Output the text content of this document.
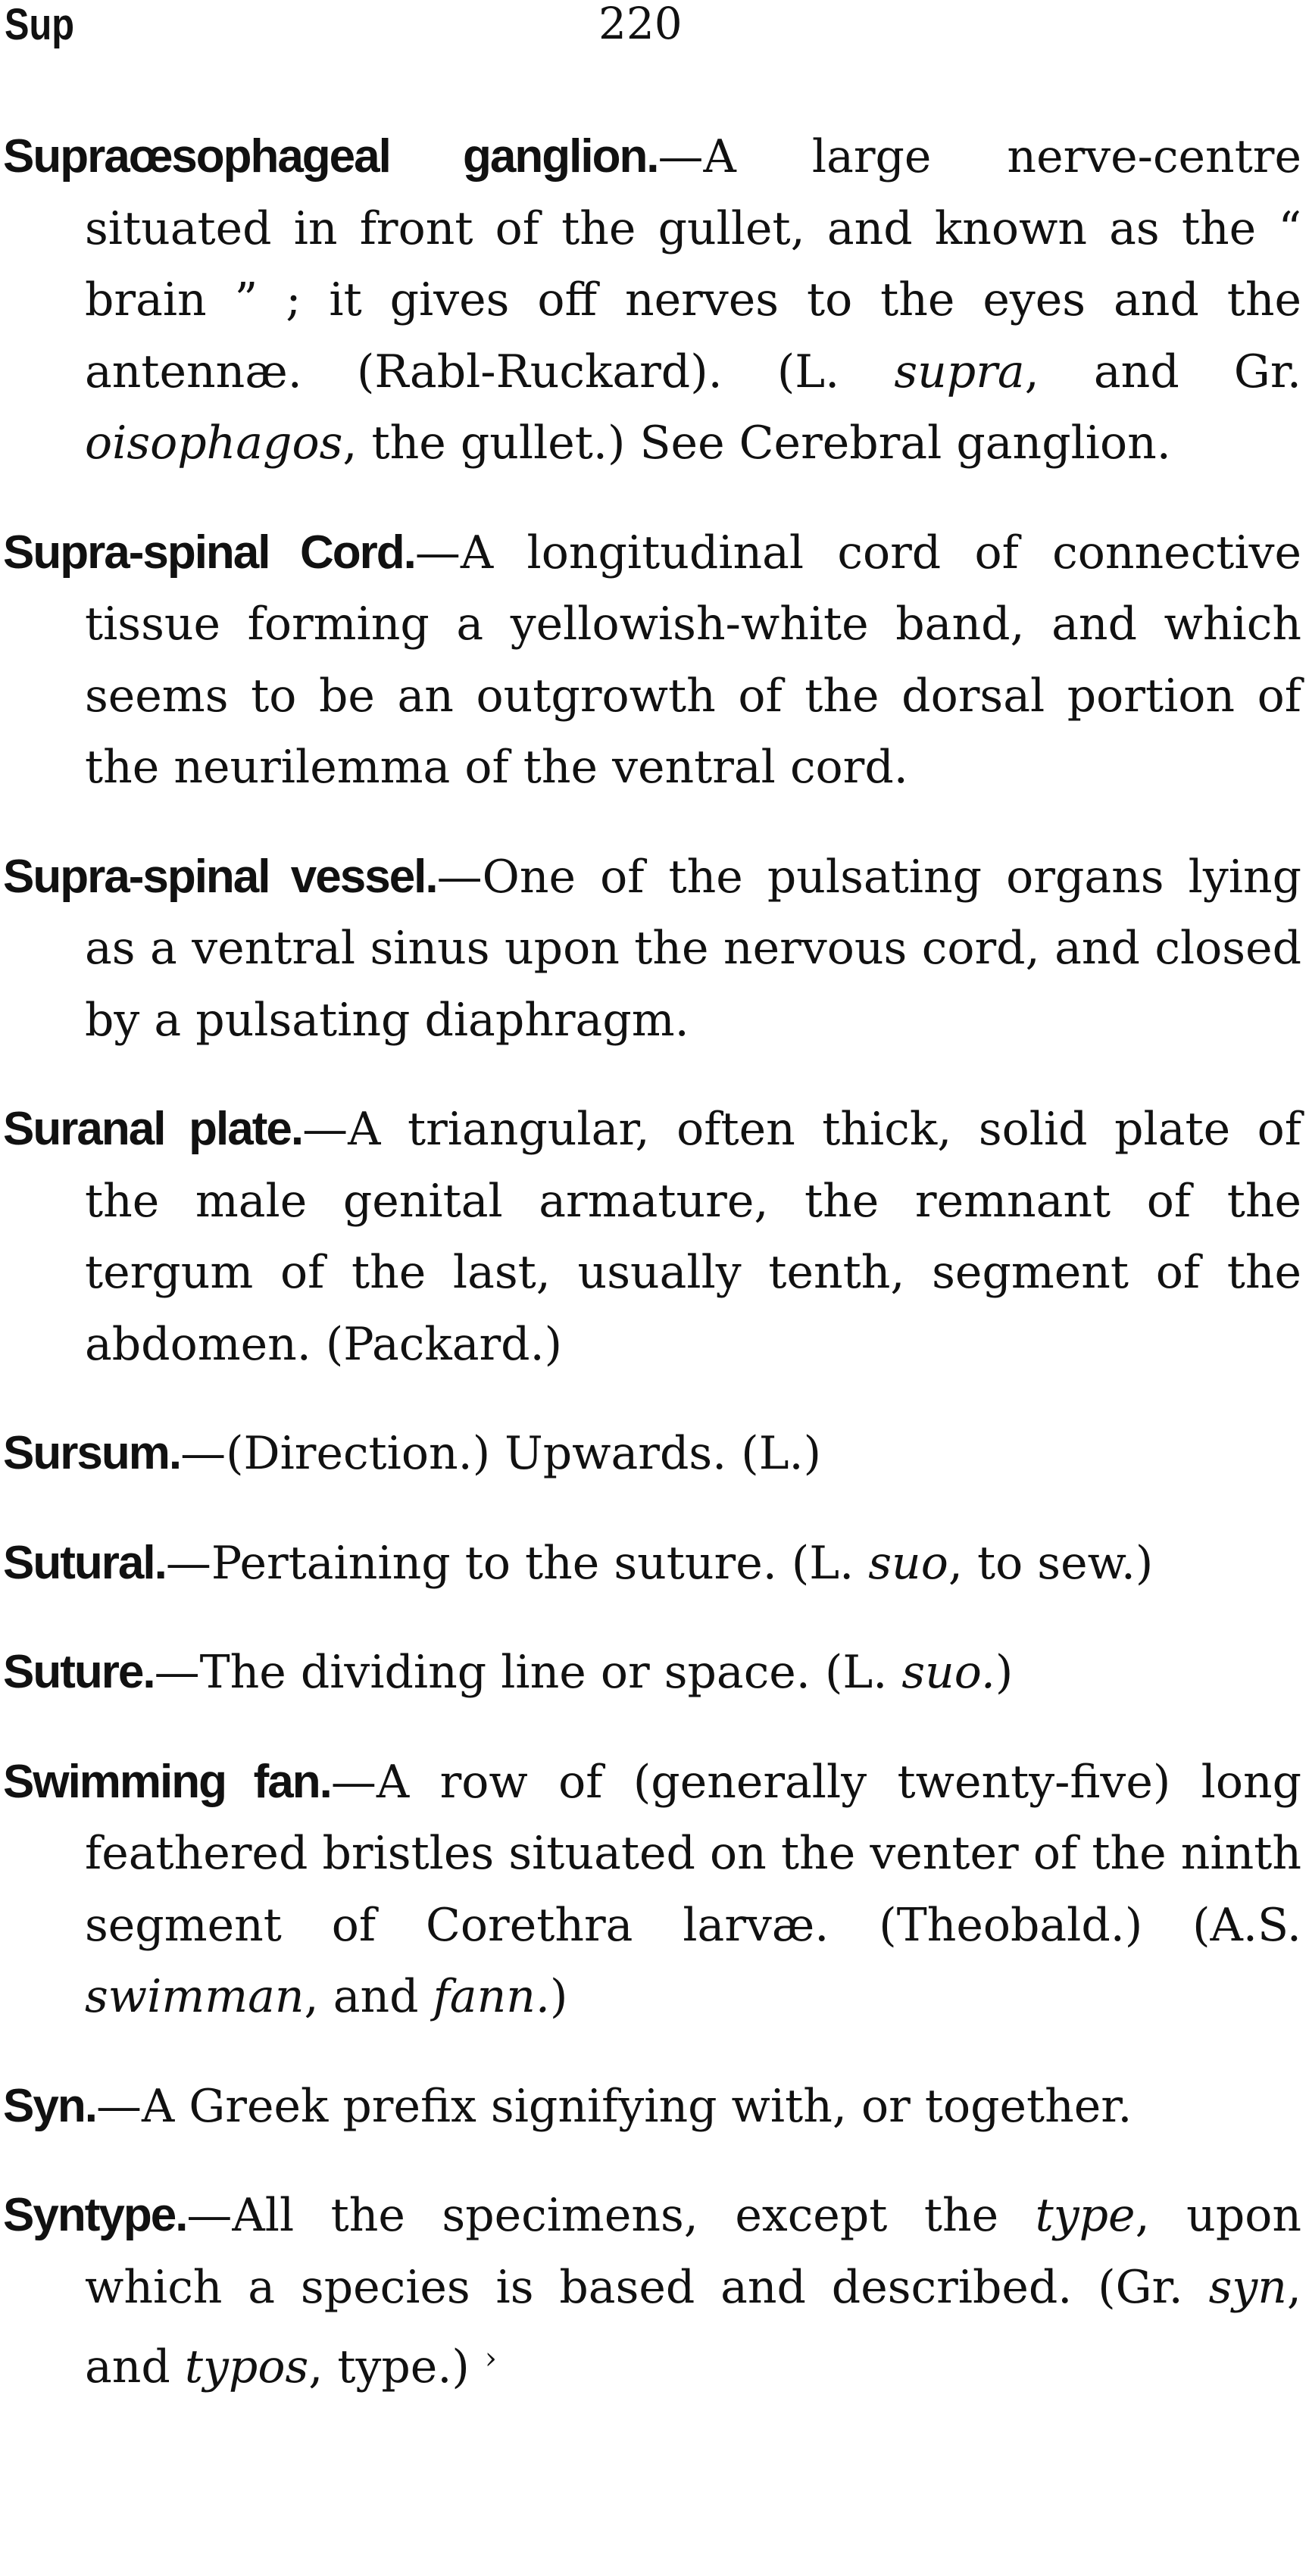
Sup	220

Supraœsophageal ganglion.—A large nerve-centre situated in front of the gullet, and known as the “ brain ” ; it gives off nerves to the eyes and the antennæ. (Rabl-Ruckard). (L. supra, and Gr. oisophagos, the gullet.) See Cerebral ganglion.

Supra-spinal Cord.—A longitudinal cord of connective tissue forming a yellowish-white band, and which seems to be an outgrowth of the dorsal portion of the neurilemma of the ventral cord.

Supra-spinal vessel.—One of the pulsating organs lying as a ventral sinus upon the nervous cord, and closed by a pulsating diaphragm.

Suranal plate.—A triangular, often thick, solid plate of the male genital armature, the remnant of the tergum of the last, usually tenth, segment of the abdomen. (Packard.)

Sursum.—(Direction.) Upwards. (L.)

Sutural.—Pertaining to the suture. (L. suo, to sew.)

Suture.—The dividing line or space. (L. suo.)

Swimming fan.—A row of (generally twenty-five) long feathered bristles situated on the venter of the ninth segment of Corethra larvæ. (Theobald.) (A.S. swimman, and fann.)

Syn.—A Greek prefix signifying with, or together.

Syntype.—All the specimens, except the type, upon which a species is based and described. (Gr. syn, and typos, type.) ›
